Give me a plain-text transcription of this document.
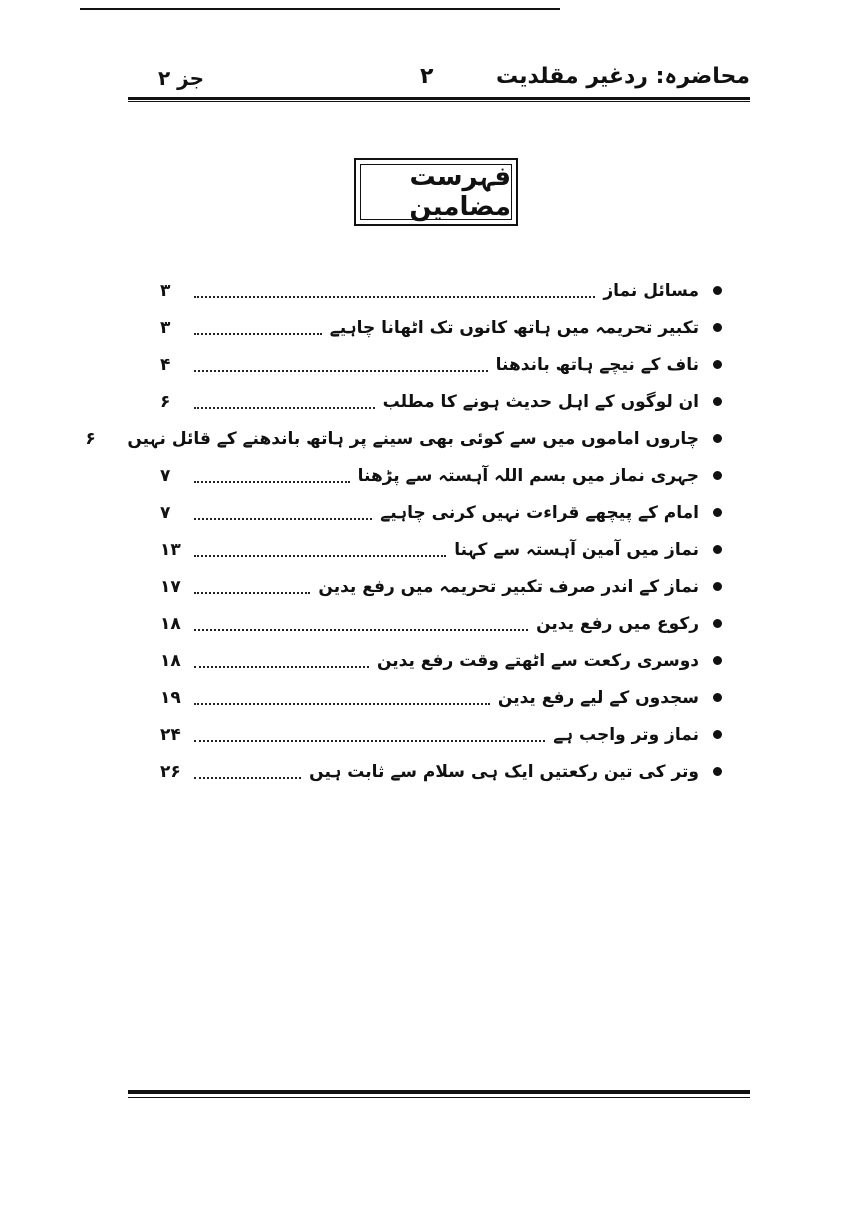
جز ۲	۲	محاضرہ: ردغیر مقلدیت
فہرست مضامین
مسائل نماز
۳
تکبیر تحریمہ میں ہاتھ کانوں تک اٹھانا چاہیے
۳
ناف کے نیچے ہاتھ باندھنا
۴
ان لوگوں کے اہل حدیث ہونے کا مطلب
۶
چاروں اماموں میں سے کوئی بھی سینے پر ہاتھ باندھنے کے قائل نہیں
۶
جہری نماز میں بسم اللہ آہستہ سے پڑھنا
۷
امام کے پیچھے قراءت نہیں کرنی چاہیے
۷
نماز میں آمین آہستہ سے کہنا
۱۳
نماز کے اندر صرف تکبیر تحریمہ میں رفع یدین
۱۷
رکوع میں رفع یدین
۱۸
دوسری رکعت سے اٹھتے وقت رفع یدین
۱۸
سجدوں کے لیے رفع یدین
۱۹
نماز وتر واجب ہے
۲۴
وتر کی تین رکعتیں ایک ہی سلام سے ثابت ہیں
۲۶
